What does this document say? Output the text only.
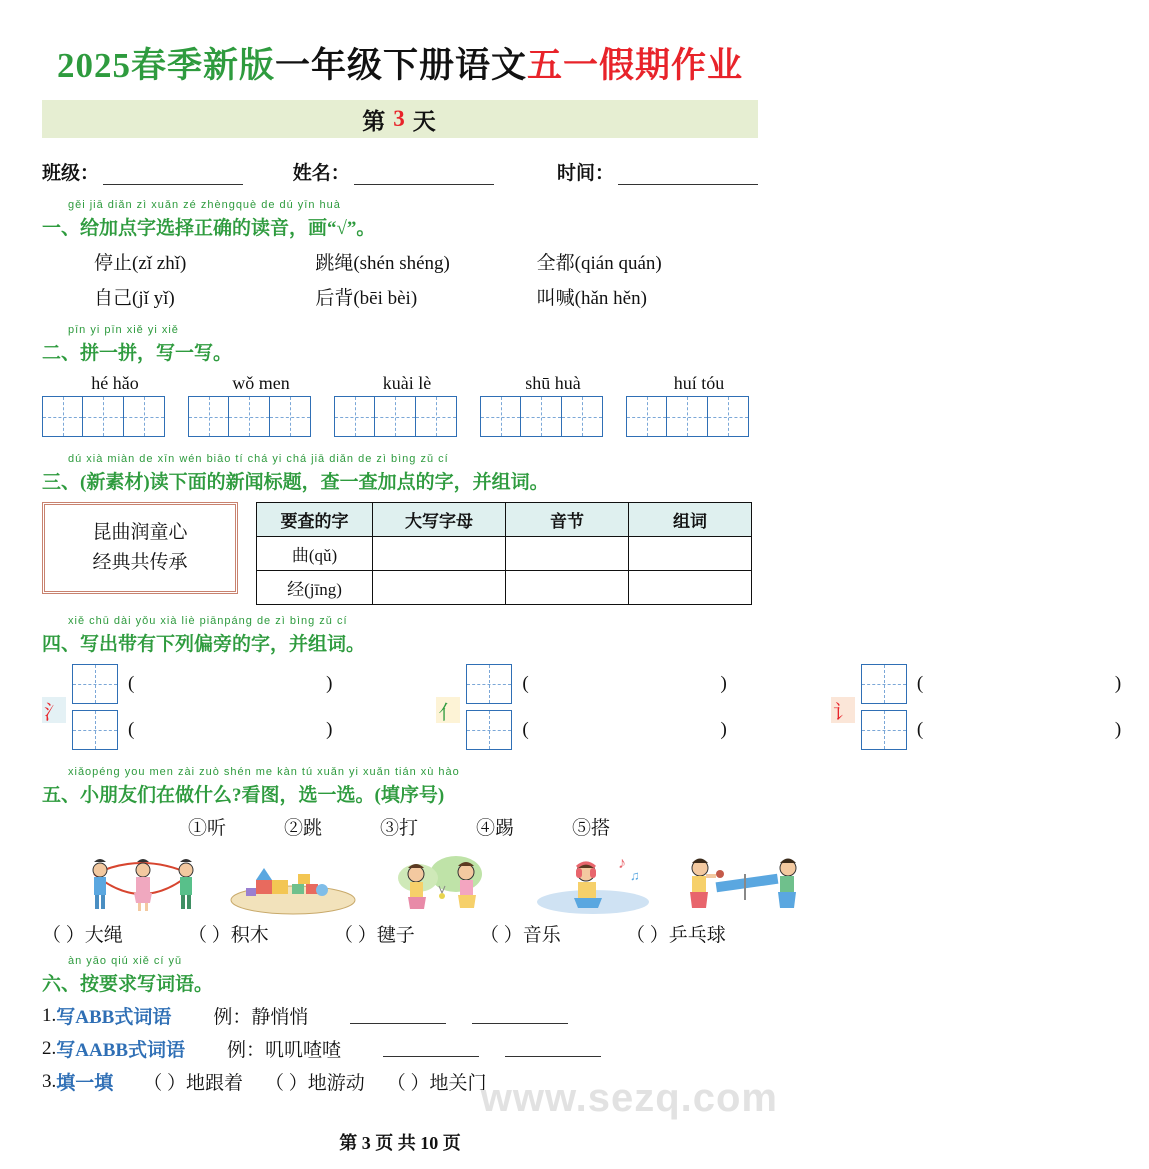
2025春季新版一年级下册语文五一假期作业
第 3 天
班级：	姓名：	时间：
gěi jiā diǎn zì xuǎn zé zhèngquè de dú yīn huà
一、给加点字选择正确的读音，画“√”。
停止(zǐ zhǐ)	跳绳(shén shéng)	全都(qián quán)
自己(jǐ yǐ)	后背(bēi bèi)	叫喊(hǎn hěn)
pīn yi pīn xiě yi xiě
二、拼一拼，写一写。
hé hǎo	wǒ men	kuài lè	shū huà	huí tóu
dú xià miàn de xīn wén biāo tí chá yi chá jiā diǎn de zì bìng zǔ cí
三、(新素材)读下面的新闻标题，查一查加点的字，并组词。
昆曲润童心
经典共传承
要查的字	大写字母	音节	组词
曲(qǔ)			
经(jīng)			
xiě chū dài yǒu xià liè piānpáng de zì bìng zǔ cí
四、写出带有下列偏旁的字，并组词。
氵
(     )
(     )
亻
(     )
(     )
讠
(     )
(     )
xiǎopéng you men zài zuò shén me kàn tú xuǎn yi xuǎn tián xù hào
五、小朋友们在做什么?看图，选一选。(填序号)
①听	②跳	③打	④踢	⑤搭
♪
♫
（ ）大绳	（ ）积木	（ ）毽子	（ ）音乐	（ ）乒乓球
àn yāo qiú xiě cí yǔ
六、按要求写词语。
1. 写ABB式词语 例：静悄悄
2. 写AABB式词语 例：叽叽喳喳
3. 填一填 （ ）地跟着 （ ）地游动 （ ）地关门
www.sezq.com
第 3 页 共 10 页
